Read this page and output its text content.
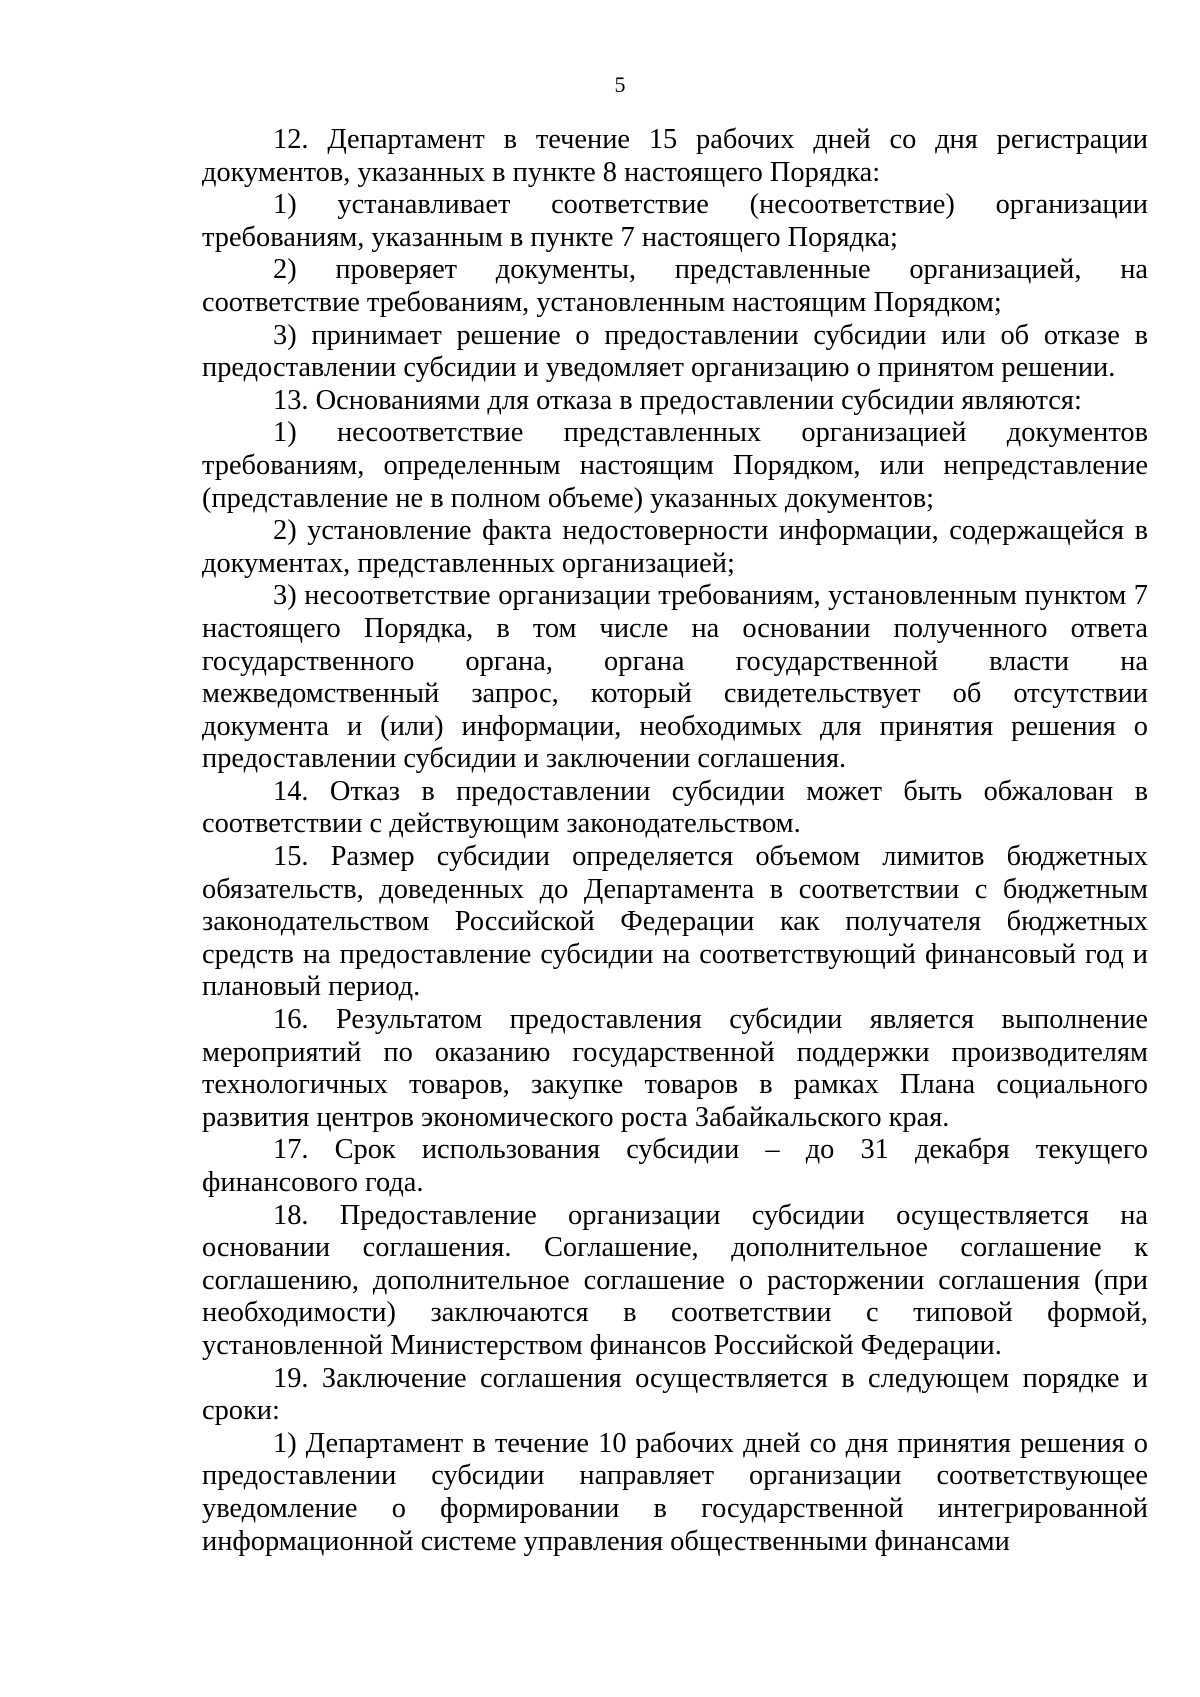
5

12. Департамент в течение 15 рабочих дней со дня регистрации документов, указанных в пункте 8 настоящего Порядка:

1) устанавливает соответствие (несоответствие) организации требованиям, указанным в пункте 7 настоящего Порядка;

2) проверяет документы, представленные организацией, на соответствие требованиям, установленным настоящим Порядком;

3) принимает решение о предоставлении субсидии или об отказе в предоставлении субсидии и уведомляет организацию о принятом решении.

13. Основаниями для отказа в предоставлении субсидии являются:

1) несоответствие представленных организацией документов требованиям, определенным настоящим Порядком, или непредставление (представление не в полном объеме) указанных документов;

2) установление факта недостоверности информации, содержащейся в документах, представленных организацией;

3) несоответствие организации требованиям, установленным пунктом 7 настоящего Порядка, в том числе на основании полученного ответа государственного органа, органа государственной власти на межведомственный запрос, который свидетельствует об отсутствии документа и (или) информации, необходимых для принятия решения о предоставлении субсидии и заключении соглашения.

14. Отказ в предоставлении субсидии может быть обжалован в соответствии с действующим законодательством.

15. Размер субсидии определяется объемом лимитов бюджетных обязательств, доведенных до Департамента в соответствии с бюджетным законодательством Российской Федерации как получателя бюджетных средств на предоставление субсидии на соответствующий финансовый год и плановый период.

16. Результатом предоставления субсидии является выполнение мероприятий по оказанию государственной поддержки производителям технологичных товаров, закупке товаров в рамках Плана социального развития центров экономического роста Забайкальского края.

17. Срок использования субсидии – до 31 декабря текущего финансового года.

18. Предоставление организации субсидии осуществляется на основании соглашения. Соглашение, дополнительное соглашение к соглашению, дополнительное соглашение о расторжении соглашения (при необходимости) заключаются в соответствии с типовой формой, установленной Министерством финансов Российской Федерации.

19. Заключение соглашения осуществляется в следующем порядке и сроки:

1) Департамент в течение 10 рабочих дней со дня принятия решения о предоставлении субсидии направляет организации соответствующее уведомление о формировании в государственной интегрированной информационной системе управления общественными финансами
